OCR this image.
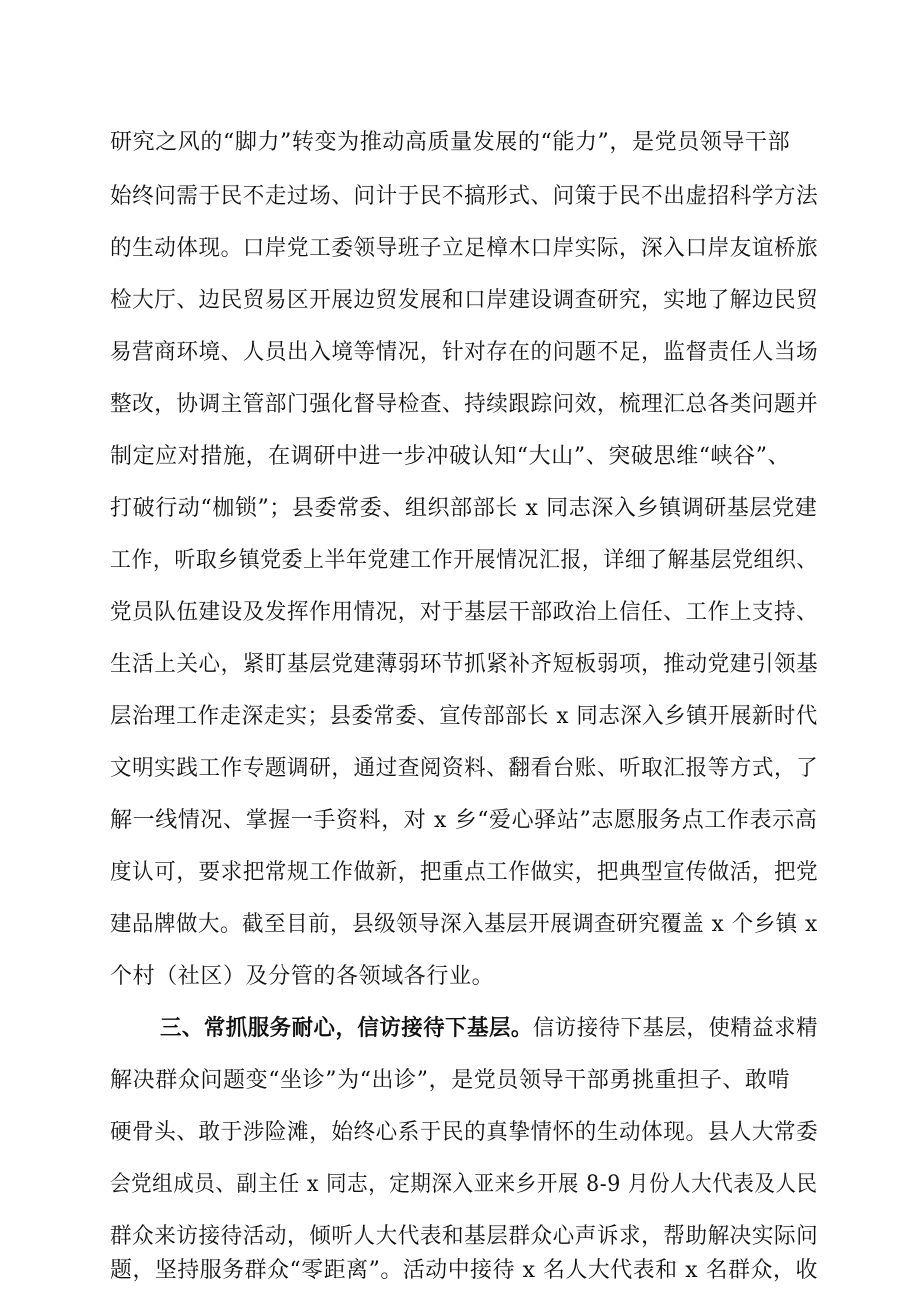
研究之风的“脚力”转变为推动高质量发展的“能力”，是党员领导干部
始终问需于民不走过场、问计于民不搞形式、问策于民不出虚招科学方法
的生动体现。口岸党工委领导班子立足樟木口岸实际，深入口岸友谊桥旅
检大厅、边民贸易区开展边贸发展和口岸建设调查研究，实地了解边民贸
易营商环境、人员出入境等情况，针对存在的问题不足，监督责任人当场
整改，协调主管部门强化督导检查、持续跟踪问效，梳理汇总各类问题并
制定应对措施，在调研中进一步冲破认知“大山”、突破思维“峡谷”、
打破行动“枷锁”；县委常委、组织部部长 x 同志深入乡镇调研基层党建
工作，听取乡镇党委上半年党建工作开展情况汇报，详细了解基层党组织、
党员队伍建设及发挥作用情况，对于基层干部政治上信任、工作上支持、
生活上关心，紧盯基层党建薄弱环节抓紧补齐短板弱项，推动党建引领基
层治理工作走深走实；县委常委、宣传部部长 x 同志深入乡镇开展新时代
文明实践工作专题调研，通过查阅资料、翻看台账、听取汇报等方式，了
解一线情况、掌握一手资料，对 x 乡“爱心驿站”志愿服务点工作表示高
度认可，要求把常规工作做新，把重点工作做实，把典型宣传做活，把党
建品牌做大。截至目前，县级领导深入基层开展调查研究覆盖 x 个乡镇 x
个村（社区）及分管的各领域各行业。
三、常抓服务耐心，信访接待下基层。信访接待下基层，使精益求精
解决群众问题变“坐诊”为“出诊”，是党员领导干部勇挑重担子、敢啃
硬骨头、敢于涉险滩，始终心系于民的真挚情怀的生动体现。县人大常委
会党组成员、副主任 x 同志，定期深入亚来乡开展 8-9 月份人大代表及人民
群众来访接待活动，倾听人大代表和基层群众心声诉求，帮助解决实际问
题，坚持服务群众“零距离”。活动中接待 x 名人大代表和 x 名群众，收
